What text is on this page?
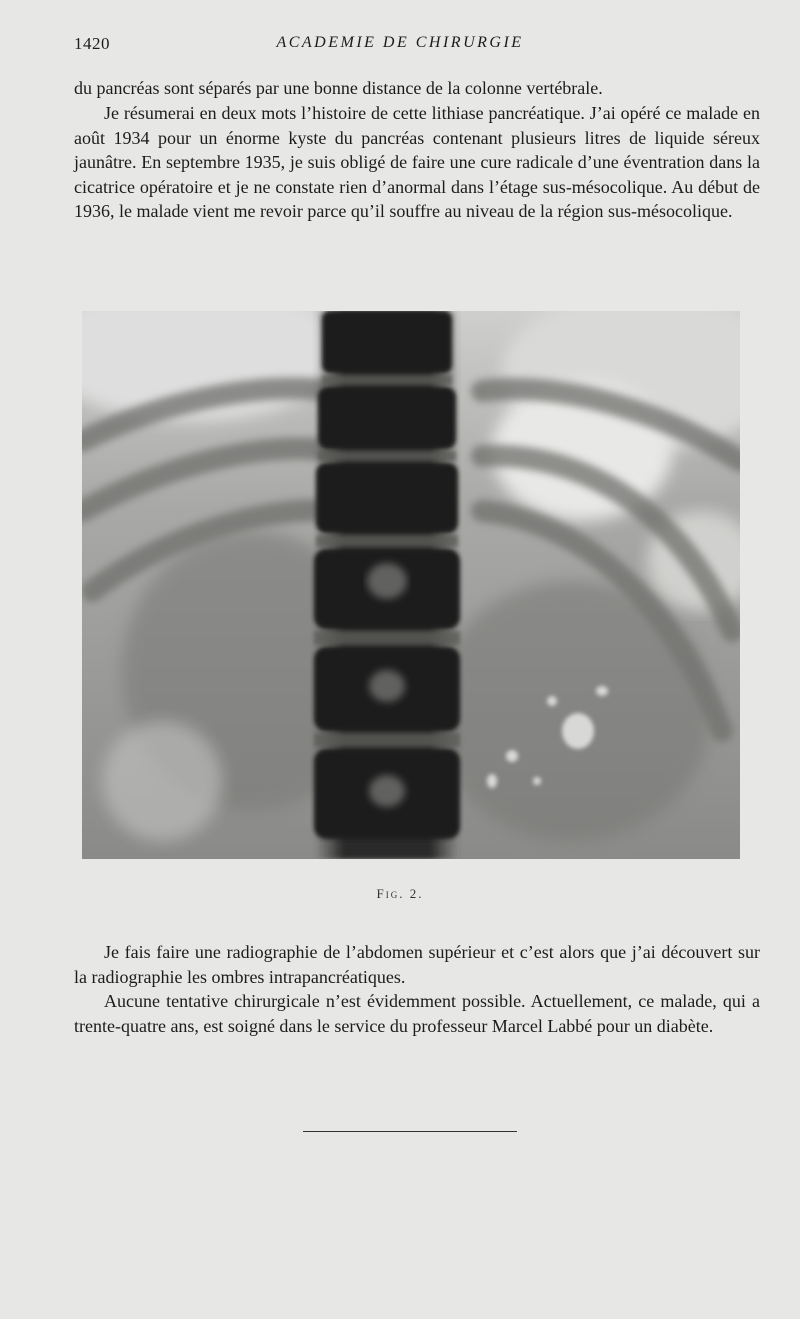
1420	ACADEMIE DE CHIRURGIE

du pancréas sont séparés par une bonne distance de la colonne vertébrale.

Je résumerai en deux mots l’histoire de cette lithiase pancréatique. J’ai opéré ce malade en août 1934 pour un énorme kyste du pancréas contenant plusieurs litres de liquide séreux jaunâtre. En septembre 1935, je suis obligé de faire une cure radicale d’une éventration dans la cicatrice opératoire et je ne constate rien d’anormal dans l’étage sus-mésocolique. Au début de 1936, le malade vient me revoir parce qu’il souffre au niveau de la région sus-mésocolique.

Fig. 2.

Je fais faire une radiographie de l’abdomen supérieur et c’est alors que j’ai découvert sur la radiographie les ombres intrapancréatiques.

Aucune tentative chirurgicale n’est évidemment possible. Actuellement, ce malade, qui a trente-quatre ans, est soigné dans le service du professeur Marcel Labbé pour un diabète.
